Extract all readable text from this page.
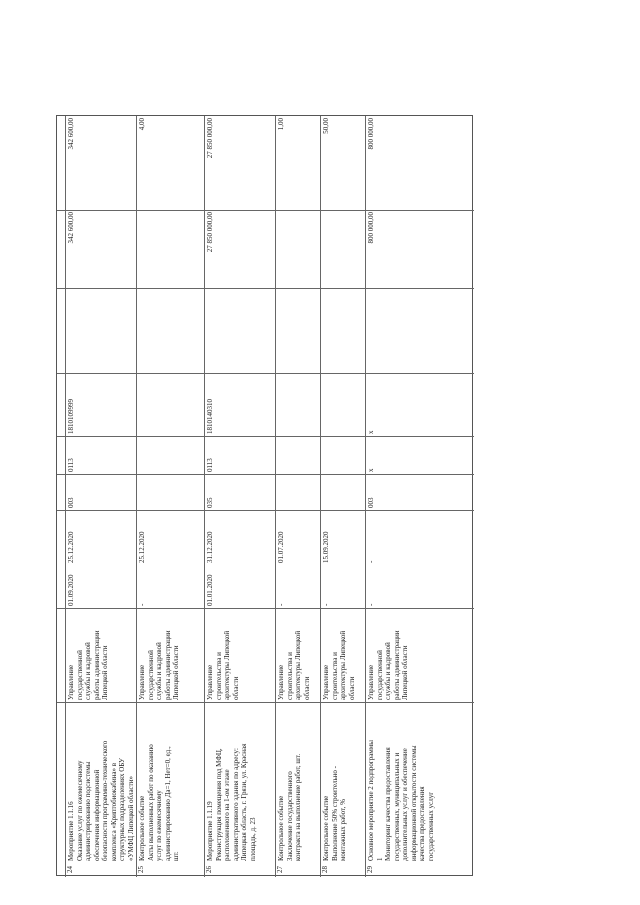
24
Мероприятие 1.1.16 Оказание услуг по ежемесячному администрированию подсистемы обеспечения информационной безопасности программно-технического комплекса «Криптобиокабина» в структурных подразделениях ОБУ «УМФЦ Липецкой области»
Управление государственной службы и кадровой работы администрации Липецкой области
01.09.2020
25.12.2020
003
0113
1810109999
342 600,00
342 600,00
25
Контрольное событие Акты выполненных работ по оказанию услуг по ежемесячному администрированию Да=1, Нет=0, ед., шт.
Управление государственной службы и кадровой работы администрации Липецкой области
-
25.12.2020
4,00
26
Мероприятие 1.1.19 Реконструкция помещения под МФЦ, расположенного на 1-ом этаже административного здания по адресу: Липецкая область, г. Грязи, ул. Красная площадь, д. 23
Управление строительства и архитектуры Липецкой области
01.01.2020
31.12.2020
035
0113
1810140310
27 850 000,00
27 850 000,00
27
Контрольное событие Заключение государственного контракта на выполнение работ, шт.
Управление строительства и архитектуры Липецкой области
-
01.07.2020
1,00
28
Контрольное событие Выполнение 50% строительно - монтажных работ, %
Управление строительства и архитектуры Липецкой области
-
15.09.2020
50,00
29
Основное мероприятие 2 подпрограммы 1 Мониторинг качества предоставления государственных, муниципальных и дополнительных услуг и обеспечение информационной открытости системы качества предоставления государственных услуг
Управление государственной службы и кадровой работы администрации Липецкой области
-
-
003
x
x
800 000,00
800 000,00
